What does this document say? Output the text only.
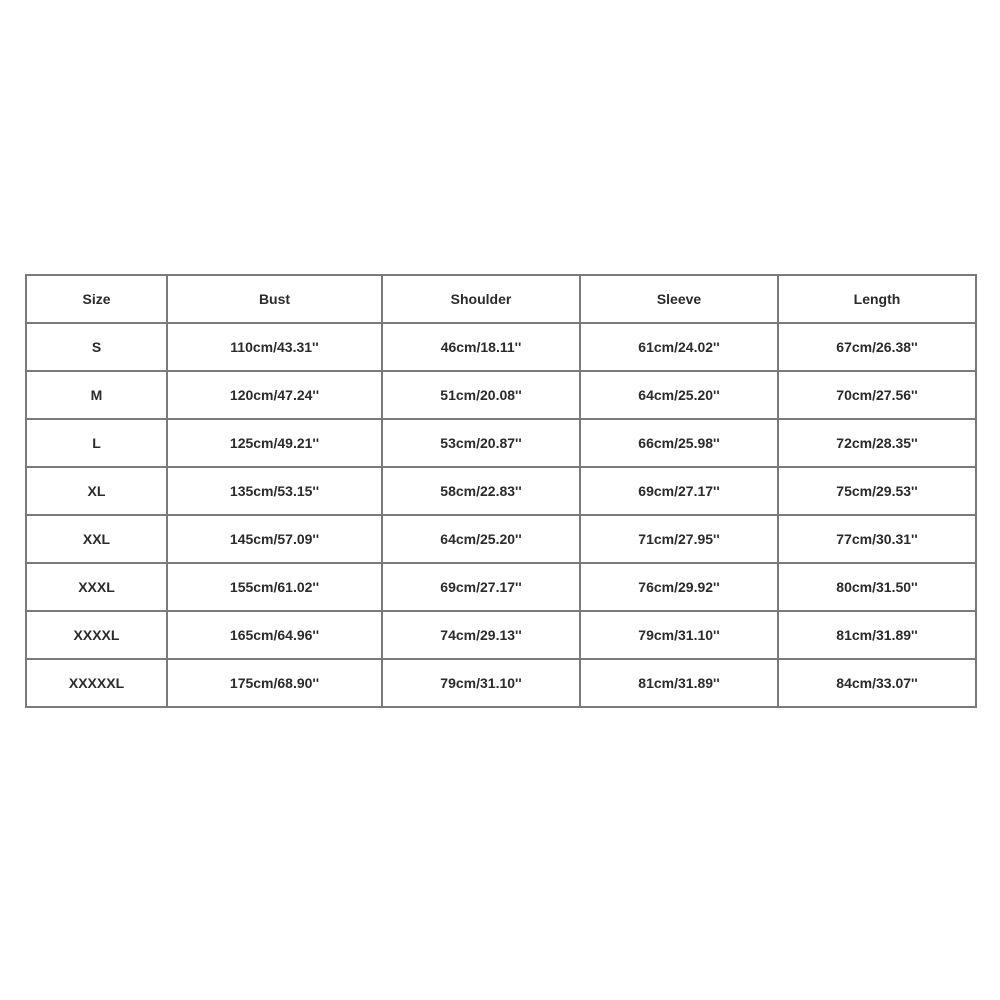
Size	Bust	Shoulder	Sleeve	Length
S	110cm/43.31''	46cm/18.11''	61cm/24.02''	67cm/26.38''
M	120cm/47.24''	51cm/20.08''	64cm/25.20''	70cm/27.56''
L	125cm/49.21''	53cm/20.87''	66cm/25.98''	72cm/28.35''
XL	135cm/53.15''	58cm/22.83''	69cm/27.17''	75cm/29.53''
XXL	145cm/57.09''	64cm/25.20''	71cm/27.95''	77cm/30.31''
XXXL	155cm/61.02''	69cm/27.17''	76cm/29.92''	80cm/31.50''
XXXXL	165cm/64.96''	74cm/29.13''	79cm/31.10''	81cm/31.89''
XXXXXL	175cm/68.90''	79cm/31.10''	81cm/31.89''	84cm/33.07''
